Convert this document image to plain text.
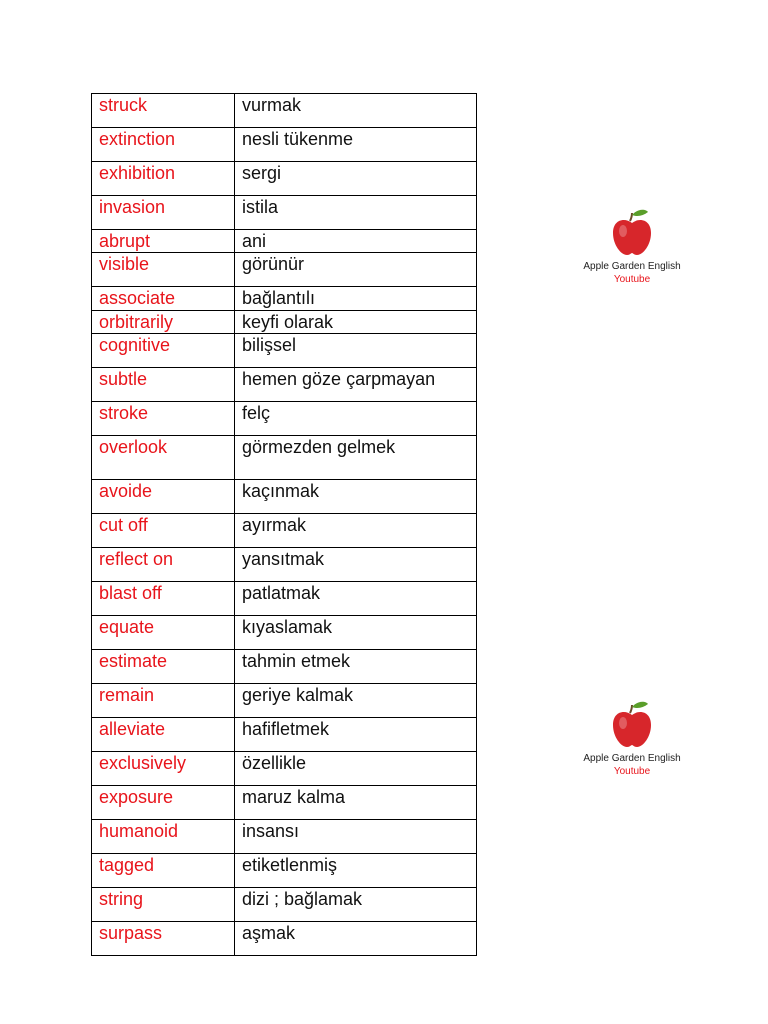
struck	vurmak
extinction	nesli tükenme
exhibition	sergi
invasion	istila
abrupt	ani
visible	görünür
associate	bağlantılı
orbitrarily	keyfi olarak
cognitive	bilişsel
subtle	hemen göze çarpmayan
stroke	felç
overlook	görmezden gelmek
avoide	kaçınmak
cut off	ayırmak
reflect on	yansıtmak
blast off	patlatmak
equate	kıyaslamak
estimate	tahmin etmek
remain	geriye kalmak
alleviate	hafifletmek
exclusively	özellikle
exposure	maruz kalma
humanoid	insansı
tagged	etiketlenmiş
string	dizi ; bağlamak
surpass	aşmak
Apple Garden English
Youtube
Apple Garden English
Youtube
